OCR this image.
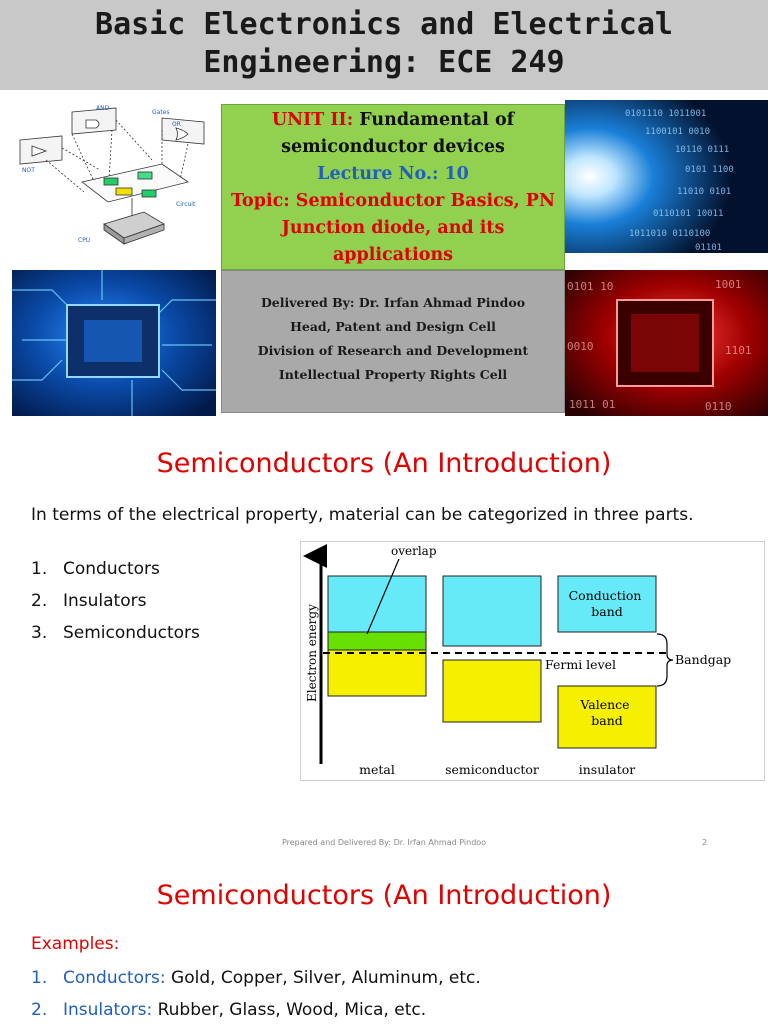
Basic Electronics and Electrical
Engineering: ECE 249
AND
Gates
OR
NOT
Circuit
CPU
UNIT II: Fundamental of semiconductor devices
Lecture No.: 10
Topic: Semiconductor Basics, PN Junction diode, and its applications
0101110 1011001
1100101 0010
10110 0111
0101 1100
11010 0101
0110101 10011
1011010 0110100
01101
Delivered By: Dr. Irfan Ahmad Pindoo
Head, Patent and Design Cell
Division of Research and Development
Intellectual Property Rights Cell
0101 10	1001
0010	1101
1011 01	0110
Semiconductors (An Introduction)
In terms of the electrical property, material can be categorized in three parts.
1. Conductors
2. Insulators
3. Semiconductors	Electron energy
overlap
Conduction band
Valence band
Fermi level	Bandgap
metal	semiconductor	insulator
Prepared and Delivered By: Dr. Irfan Ahmad Pindoo	2
Semiconductors (An Introduction)
Examples:
1. Conductors: Gold, Copper, Silver, Aluminum, etc.
2. Insulators: Rubber, Glass, Wood, Mica, etc.
